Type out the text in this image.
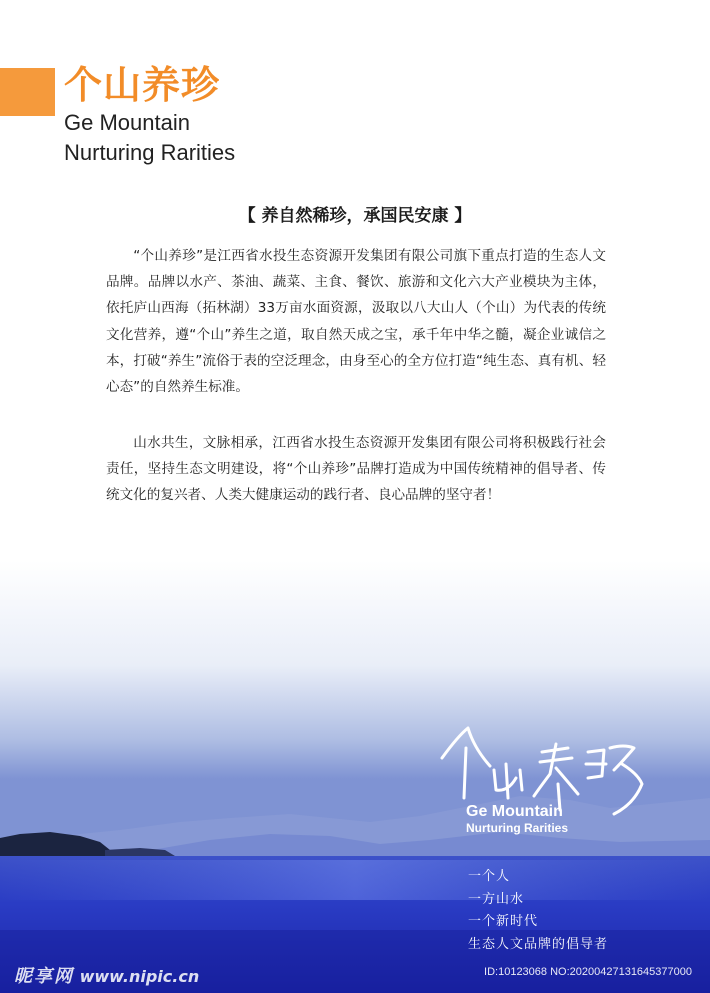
个山养珍
Ge Mountain
Nurturing Rarities
【 养自然稀珍，承国民安康 】
“个山养珍”是江西省水投生态资源开发集团有限公司旗下重点打造的生态人文品牌。品牌以水产、茶油、蔬菜、主食、餐饮、旅游和文化六大产业模块为主体，依托庐山西海（拓林湖）33万亩水面资源，汲取以八大山人（个山）为代表的传统文化营养，遵“个山”养生之道，取自然天成之宝，承千年中华之髓，凝企业诚信之本，打破“养生”流俗于表的空泛理念，由身至心的全方位打造“纯生态、真有机、轻心态”的自然养生标准。
山水共生，文脉相承，江西省水投生态资源开发集团有限公司将积极践行社会责任，坚持生态文明建设，将“个山养珍”品牌打造成为中国传统精神的倡导者、传统文化的复兴者、人类大健康运动的践行者、良心品牌的坚守者！
Ge Mountain
Nurturing Rarities
一个人
一方山水
一个新时代
生态人文品牌的倡导者
昵享网 www.nipic.cn	ID:10123068 NO:20200427131645377000
